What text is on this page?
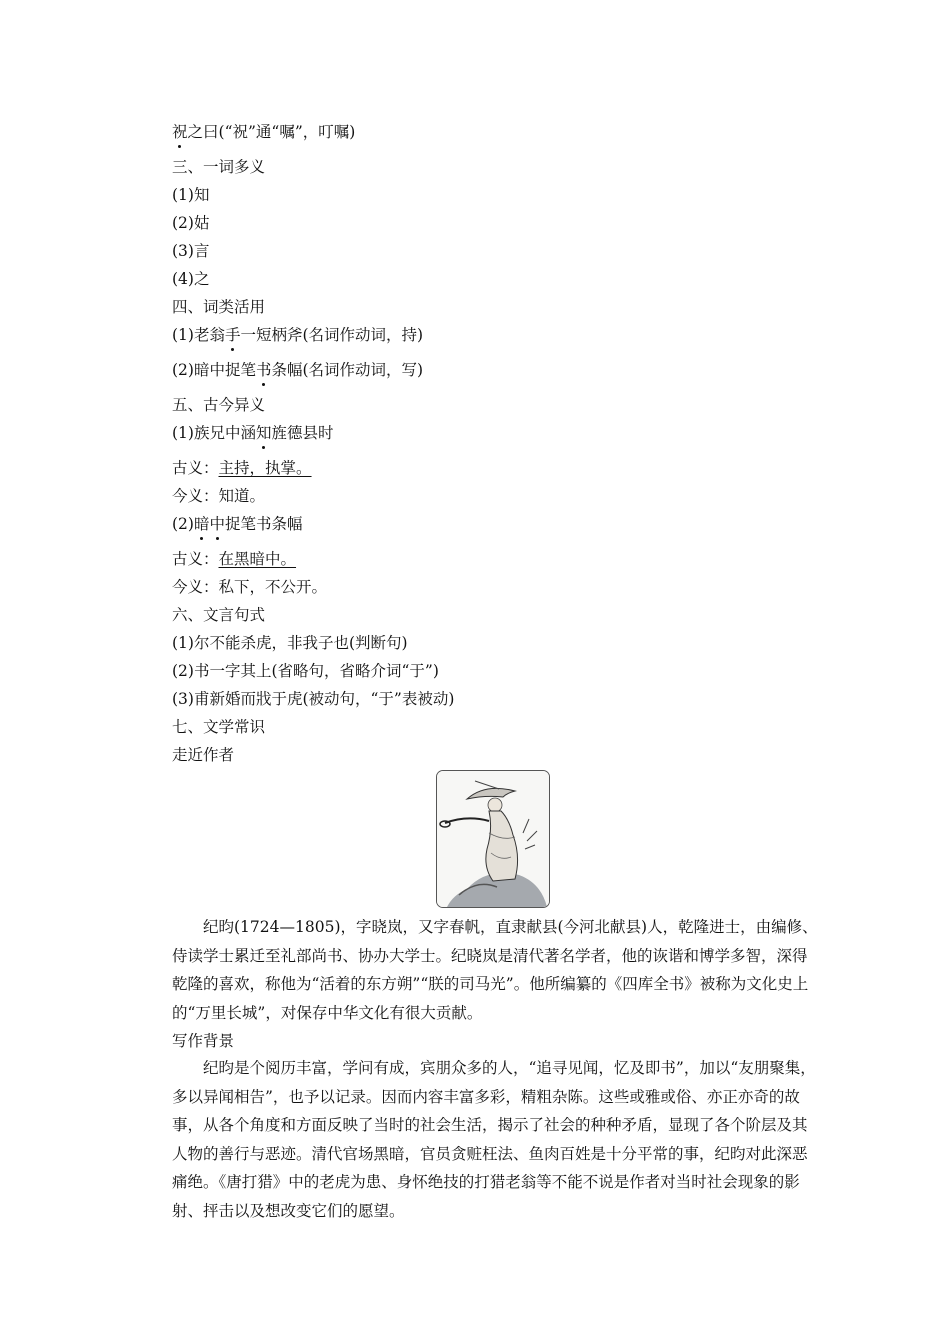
祝之曰(“祝”通“嘱”，叮嘱)
三、一词多义
(1)知
(2)姑
(3)言
(4)之
四、词类活用
(1)老翁手一短柄斧(名词作动词，持)
(2)暗中捉笔书条幅(名词作动词，写)
五、古今异义
(1)族兄中涵知旌德县时
古义：主持，执掌。
今义：知道。
(2)暗中捉笔书条幅
古义：在黑暗中。
今义：私下，不公开。
六、文言句式
(1)尔不能杀虎，非我子也(判断句)
(2)书一字其上(省略句，省略介词“于”)
(3)甫新婚而戕于虎(被动句，“于”表被动)
七、文学常识
走近作者

纪昀(1724—1805)，字晓岚，又字春帆，直隶献县(今河北献县)人，乾隆进士，由编修、侍读学士累迁至礼部尚书、协办大学士。纪晓岚是清代著名学者，他的诙谐和博学多智，深得乾隆的喜欢，称他为“活着的东方朔”“朕的司马光”。他所编纂的《四库全书》被称为文化史上的“万里长城”，对保存中华文化有很大贡献。

写作背景

纪昀是个阅历丰富，学问有成，宾朋众多的人，“追寻见闻，忆及即书”，加以“友朋聚集，多以异闻相告”，也予以记录。因而内容丰富多彩，精粗杂陈。这些或雅或俗、亦正亦奇的故事，从各个角度和方面反映了当时的社会生活，揭示了社会的种种矛盾，显现了各个阶层及其人物的善行与恶迹。清代官场黑暗，官员贪赃枉法、鱼肉百姓是十分平常的事，纪昀对此深恶痛绝。《唐打猎》中的老虎为患、身怀绝技的打猎老翁等不能不说是作者对当时社会现象的影射、抨击以及想改变它们的愿望。
